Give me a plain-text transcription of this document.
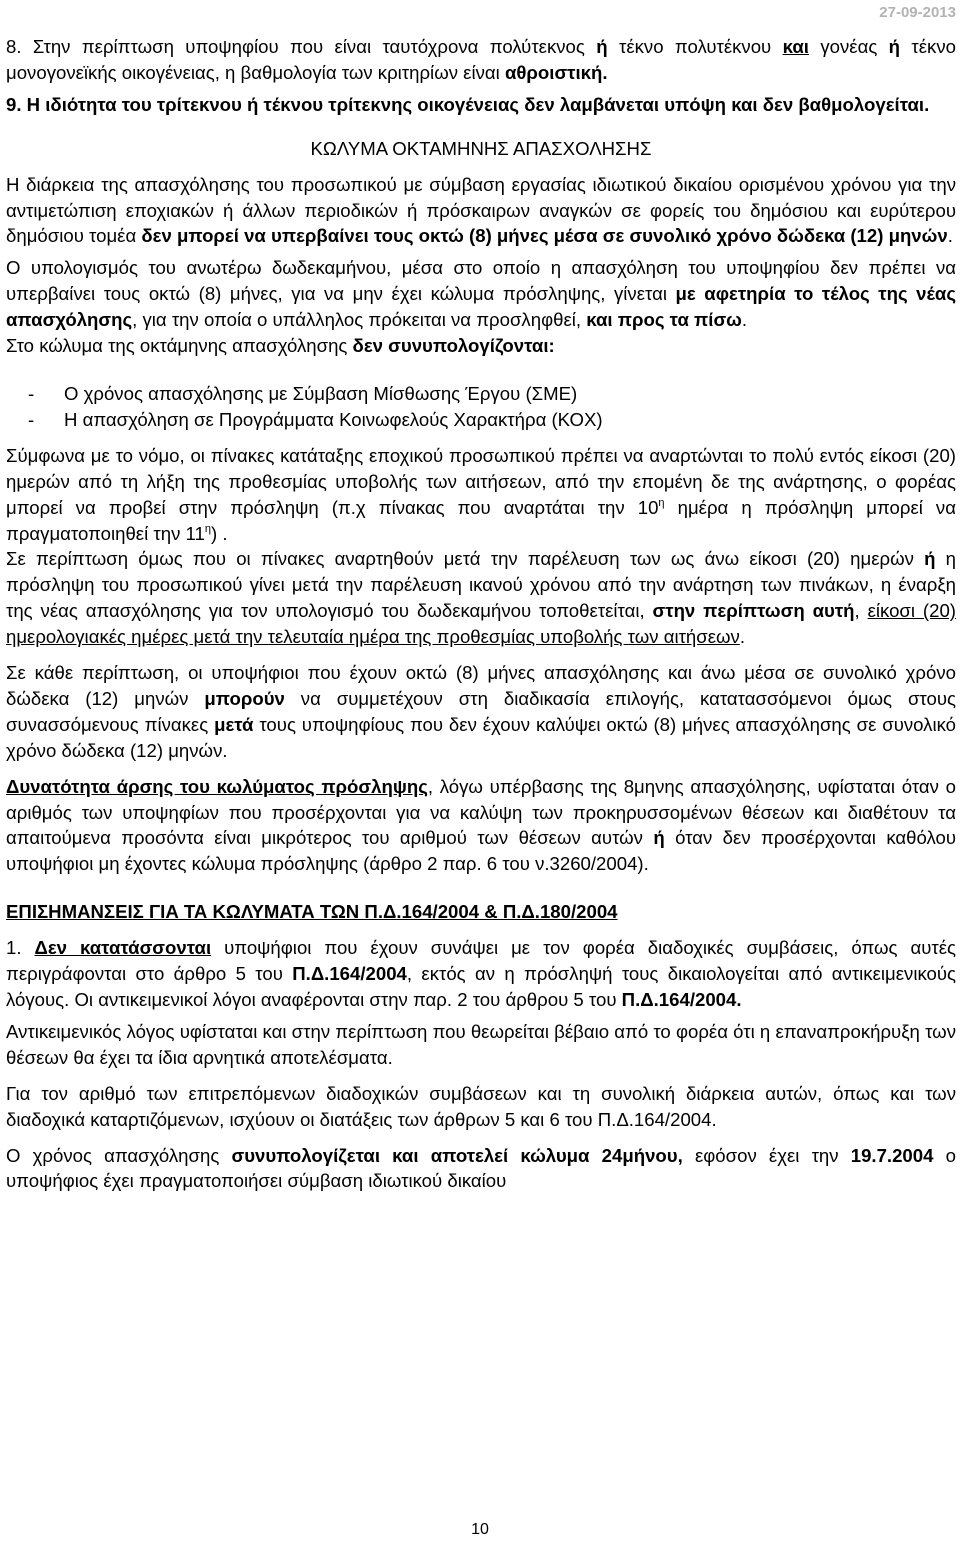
27-09-2013

8. Στην περίπτωση υποψηφίου που είναι ταυτόχρονα πολύτεκνος ή τέκνο πολυτέκνου και γονέας ή τέκνο μονογονεϊκής οικογένειας, η βαθμολογία των κριτηρίων είναι αθροιστική.

9. Η ιδιότητα του τρίτεκνου ή τέκνου τρίτεκνης οικογένειας δεν λαμβάνεται υπόψη και δεν βαθμολογείται.

ΚΩΛΥΜΑ ΟΚΤΑΜΗΝΗΣ ΑΠΑΣΧΟΛΗΣΗΣ

Η διάρκεια της απασχόλησης του προσωπικού με σύμβαση εργασίας ιδιωτικού δικαίου ορισμένου χρόνου για την αντιμετώπιση εποχιακών ή άλλων περιοδικών ή πρόσκαιρων αναγκών σε φορείς του δημόσιου και ευρύτερου δημόσιου τομέα δεν μπορεί να υπερβαίνει τους οκτώ (8) μήνες μέσα σε συνολικό χρόνο δώδεκα (12) μηνών.

Ο υπολογισμός του ανωτέρω δωδεκαμήνου, μέσα στο οποίο η απασχόληση του υποψηφίου δεν πρέπει να υπερβαίνει τους οκτώ (8) μήνες, για να μην έχει κώλυμα πρόσληψης, γίνεται με αφετηρία το τέλος της νέας απασχόλησης, για την οποία ο υπάλληλος πρόκειται να προσληφθεί, και προς τα πίσω.

Στο κώλυμα της οκτάμηνης απασχόλησης δεν συνυπολογίζονται:

-	Ο χρόνος απασχόλησης με Σύμβαση Μίσθωσης Έργου (ΣΜΕ)
-	Η απασχόληση σε Προγράμματα Κοινωφελούς Χαρακτήρα (ΚΟΧ)

Σύμφωνα με το νόμο, οι πίνακες κατάταξης εποχικού προσωπικού πρέπει να αναρτώνται το πολύ εντός είκοσι (20) ημερών από τη λήξη της προθεσμίας υποβολής των αιτήσεων, από την επομένη δε της ανάρτησης, ο φορέας μπορεί να προβεί στην πρόσληψη (π.χ πίνακας που αναρτάται την $10^\eta$ ημέρα η πρόσληψη μπορεί να πραγματοποιηθεί την $11^\eta$) .

Σε περίπτωση όμως που οι πίνακες αναρτηθούν μετά την παρέλευση των ως άνω είκοσι (20) ημερών ή η πρόσληψη του προσωπικού γίνει μετά την παρέλευση ικανού χρόνου από την ανάρτηση των πινάκων, η έναρξη της νέας απασχόλησης για τον υπολογισμό του δωδεκαμήνου τοποθετείται, στην περίπτωση αυτή, είκοσι (20) ημερολογιακές ημέρες μετά την τελευταία ημέρα της προθεσμίας υποβολής των αιτήσεων.

Σε κάθε περίπτωση, οι υποψήφιοι που έχουν οκτώ (8) μήνες απασχόλησης και άνω μέσα σε συνολικό χρόνο δώδεκα (12) μηνών μπορούν να συμμετέχουν στη διαδικασία επιλογής, κατατασσόμενοι όμως στους συνασσόμενους πίνακες μετά τους υποψηφίους που δεν έχουν καλύψει οκτώ (8) μήνες απασχόλησης σε συνολικό χρόνο δώδεκα (12) μηνών.

Δυνατότητα άρσης του κωλύματος πρόσληψης, λόγω υπέρβασης της 8μηνης απασχόλησης, υφίσταται όταν ο αριθμός των υποψηφίων που προσέρχονται για να καλύψη των προκηρυσσομένων θέσεων και διαθέτουν τα απαιτούμενα προσόντα είναι μικρότερος του αριθμού των θέσεων αυτών ή όταν δεν προσέρχονται καθόλου υποψήφιοι μη έχοντες κώλυμα πρόσληψης (άρθρο 2 παρ. 6 του ν.3260/2004).

ΕΠΙΣΗΜΑΝΣΕΙΣ ΓΙΑ ΤΑ ΚΩΛΥΜΑΤΑ ΤΩΝ Π.Δ.164/2004 & Π.Δ.180/2004

1. Δεν κατατάσσονται υποψήφιοι που έχουν συνάψει με τον φορέα διαδοχικές συμβάσεις, όπως αυτές περιγράφονται στο άρθρο 5 του Π.Δ.164/2004, εκτός αν η πρόσληψή τους δικαιολογείται από αντικειμενικούς λόγους. Οι αντικειμενικοί λόγοι αναφέρονται στην παρ. 2 του άρθρου 5 του Π.Δ.164/2004.

Αντικειμενικός λόγος υφίσταται και στην περίπτωση που θεωρείται βέβαιο από το φορέα ότι η επαναπροκήρυξη των θέσεων θα έχει τα ίδια αρνητικά αποτελέσματα.

Για τον αριθμό των επιτρεπόμενων διαδοχικών συμβάσεων και τη συνολική διάρκεια αυτών, όπως και των διαδοχικά καταρτιζόμενων, ισχύουν οι διατάξεις των άρθρων 5 και 6 του Π.Δ.164/2004.

Ο χρόνος απασχόλησης συνυπολογίζεται και αποτελεί κώλυμα 24μήνου, εφόσον έχει την 19.7.2004 ο υποψήφιος έχει πραγματοποιήσει σύμβαση ιδιωτικού δικαίου

10
